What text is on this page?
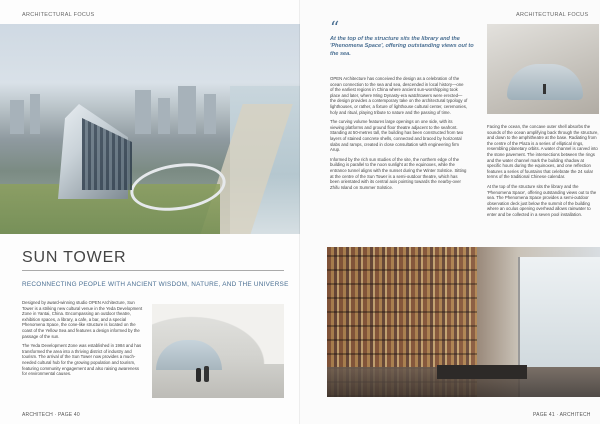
ARCHITECTURAL FOCUS
SUN TOWER
RECONNECTING PEOPLE WITH ANCIENT WISDOM, NATURE, AND THE UNIVERSE

Designed by award-winning studio OPEN Architecture, Sun Tower is a striking new cultural venue in the Yeda Development Zone in Yantai, China. Encompassing an outdoor theatre, exhibition spaces, a library, a cafe, a bar, and a special Phenomena Space, the cone-like structure is located on the coast of the Yellow Sea and features a design informed by the passage of the sun.

The Yeda Development Zone was established in 1984 and has transformed the area into a thriving district of industry and tourism. The arrival of the Sun Tower now provides a much-needed cultural hub for the growing population and tourism, featuring community engagement and also raising awareness for environmental causes.

ARCHITECH · PAGE 40
ARCHITECTURAL FOCUS
“
At the top of the structure sits the library and the 'Phenomena Space', offering outstanding views out to the sea.

OPEN Architecture has conceived the design as a celebration of the ocean connection to the sea and sea, descended in local history—one of the earliest regions in China where ancient sun-worshipping took place and later, where Ming Dynasty-era watchtowers were erected—the design provides a contemporary take on the architectural typology of lighthouses, or rather, a fixture of lighthouse cultural center, ceremonies, holy and ritual, playing tribute to nature and the passing of time.

The curving volume features large openings on one side, with its viewing platforms and ground floor theatre adjacent to the seafront. Standing at 50-metres tall, the building has been constructed from two layers of stained concrete shells, connected and braced by horizontal slabs and ramps, created in close consultation with engineering firm Arup.

Informed by the rich sun studies of the site, the northern edge of the building is parallel to the noon sunlight at the equinoxes, while the entrance tunnel aligns with the sunset during the Winter Solstice. Sitting at the centre of the Sun Tower is a semi-outdoor theatre, which has been orientated with its central axis pointing towards the nearby-over Zhifu Island on Summer Solstice.

Facing the ocean, the concave outer shell absorbs the sounds of the ocean amplifying back through the structure, and down to the amphitheatre at the base. Radiating from the centre of the Plaza is a series of elliptical rings, resembling planetary orbits. A water channel is carved into the stone pavement. The intersections between the rings and the water channel mark the building shadow at specific hours during the equinoxes, and one reflection features a series of fountains that celebrate the 24 solar terms of the traditional Chinese calendar.

At the top of the structure sits the library and the 'Phenomena Space', offering outstanding views out to the sea. The Phenomena Space provides a semi-outdoor observation deck just below the summit of the building where an oculus opening overhead allows rainwater to enter and be collected in a seven pool installation.

PAGE 41 · ARCHITECH
